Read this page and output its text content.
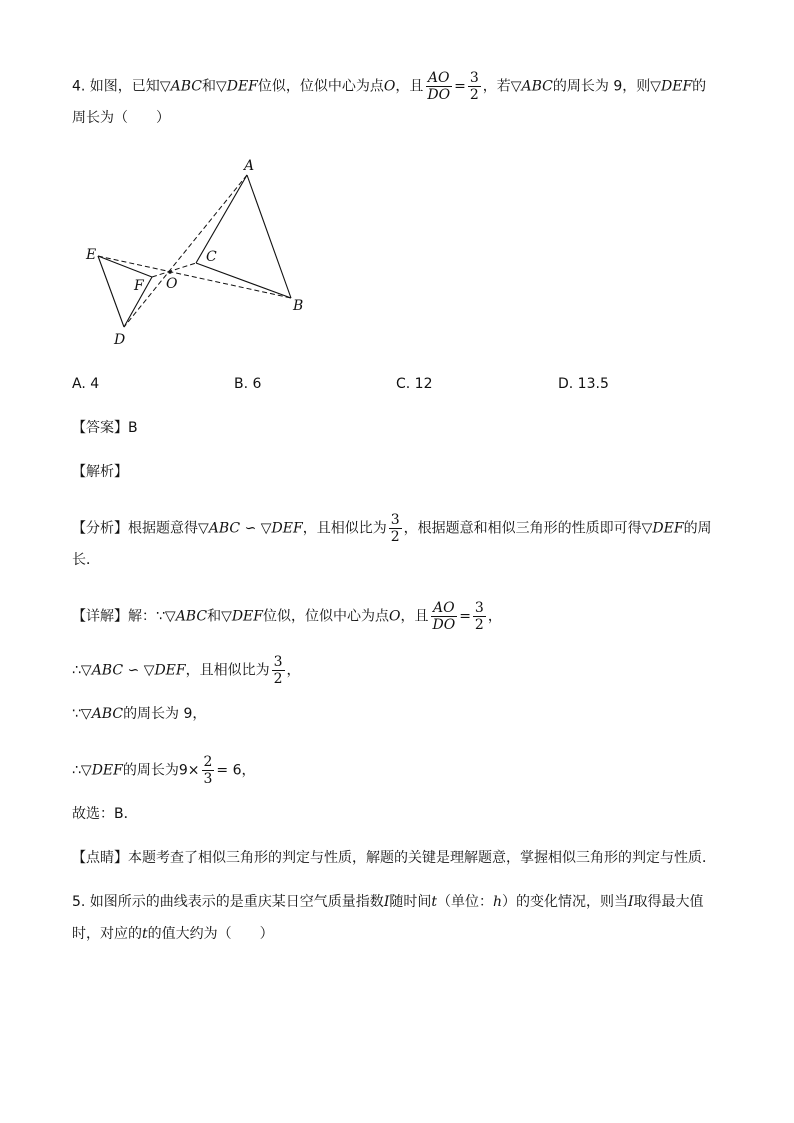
4. 如图，已知▽ABC和▽DEF位似，位似中心为点O，且 $\frac{AO}{DO} = \frac{3}{2}$ ，若▽ABC的周长为 9，则▽DEF的
周长为（　　）
A
B
C
D
E
F O
A. 4	B. 6	C. 12	D. 13.5
【答案】B
【解析】
【分析】根据题意得▽ABC ∽ ▽DEF，且相似比为 $\frac{3}{2}$ ，根据题意和相似三角形的性质即可得▽DEF的周
长．
【详解】解：∵▽ABC和▽DEF位似，位似中心为点O，且 $\frac{AO}{DO} = \frac{3}{2}$ ，
∴▽ABC ∽ ▽DEF，且相似比为 $\frac{3}{2}$ ，
∵▽ABC的周长为 9，
∴▽DEF的周长为$9\times \frac{2}{3} = 6$，
故选：B．
【点睛】本题考查了相似三角形的判定与性质，解题的关键是理解题意，掌握相似三角形的判定与性质．
5. 如图所示的曲线表示的是重庆某日空气质量指数I随时间t（单位：h）的变化情况，则当I取得最大值
时，对应的t的值大约为（　　）
